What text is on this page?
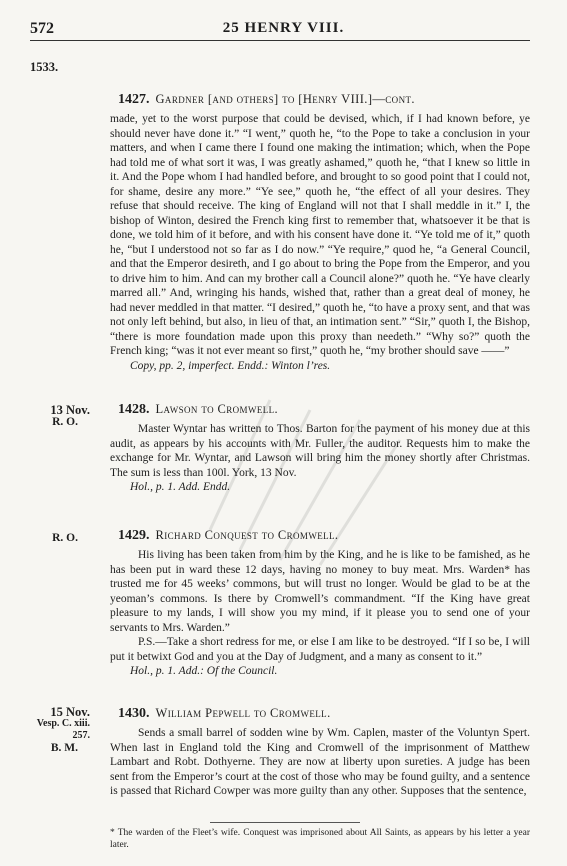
572	25 HENRY VIII.
1533.
1427. Gardner [and others] to [Henry VIII.]—cont.

made, yet to the worst purpose that could be devised, which, if I had known before, ye should never have done it.” “I went,” quoth he, “to the Pope to take a conclusion in your matters, and when I came there I found one making the intimation; which, when the Pope had told me of what sort it was, I was greatly ashamed,” quoth he, “that I knew so little in it. And the Pope whom I had handled before, and brought to so good point that I could not, for shame, desire any more.” “Ye see,” quoth he, “the effect of all your desires. They refuse that should receive. The king of England will not that I shall meddle in it.” I, the bishop of Winton, desired the French king first to remember that, whatsoever it be that is done, we told him of it before, and with his consent have done it. “Ye told me of it,” quoth he, “but I understood not so far as I do now.” “Ye require,” quod he, “a General Council, and that the Emperor desireth, and I go about to bring the Pope from the Emperor, and you to drive him to him. And can my brother call a Council alone?” quoth he. “Ye have clearly marred all.” And, wringing his hands, wished that, rather than a great deal of money, he had never meddled in that matter. “I desired,” quoth he, “to have a proxy sent, and that was not only left behind, but also, in lieu of that, an intimation sent.” “Sir,” quoth I, the Bishop, “there is more foundation made upon this proxy than needeth.” “Why so?” quoth the French king; “was it not ever meant so first,” quoth he, “my brother should save ——”

Copy, pp. 2, imperfect. Endd.: Winton l’res.

13 Nov.
R. O.
1428. Lawson to Cromwell.

Master Wyntar has written to Thos. Barton for the payment of his money due at this audit, as appears by his accounts with Mr. Fuller, the auditor. Requests him to make the exchange for Mr. Wyntar, and Lawson will bring him the money shortly after Christmas. The sum is less than 100l. York, 13 Nov.

Hol., p. 1. Add. Endd.

R. O.	1429. Richard Conquest to Cromwell.

His living has been taken from him by the King, and he is like to be famished, as he has been put in ward these 12 days, having no money to buy meat. Mrs. Warden* has trusted me for 45 weeks’ commons, but will trust no longer. Would be glad to be at the yeoman’s commons. Is there by Cromwell’s commandment. “If the King have great pleasure to my lands, I will show you my mind, if it please you to send one of your servants to Mrs. Warden.”

P.S.—Take a short redress for me, or else I am like to be destroyed. “If I so be, I will put it betwixt God and you at the Day of Judgment, and a many as consent to it.”

Hol., p. 1. Add.: Of the Council.

15 Nov.
Vesp. C. xiii. 257.
B. M.
1430. William Pepwell to Cromwell.

Sends a small barrel of sodden wine by Wm. Caplen, master of the Voluntyn Spert. When last in England told the King and Cromwell of the imprisonment of Matthew Lambart and Robt. Dothyerne. They are now at liberty upon sureties. A judge has been sent from the Emperor’s court at the cost of those who may be found guilty, and a sentence is passed that Richard Cowper was more guilty than any other. Supposes that the sentence,

* The warden of the Fleet’s wife. Conquest was imprisoned about All Saints, as appears by his letter a year later.
